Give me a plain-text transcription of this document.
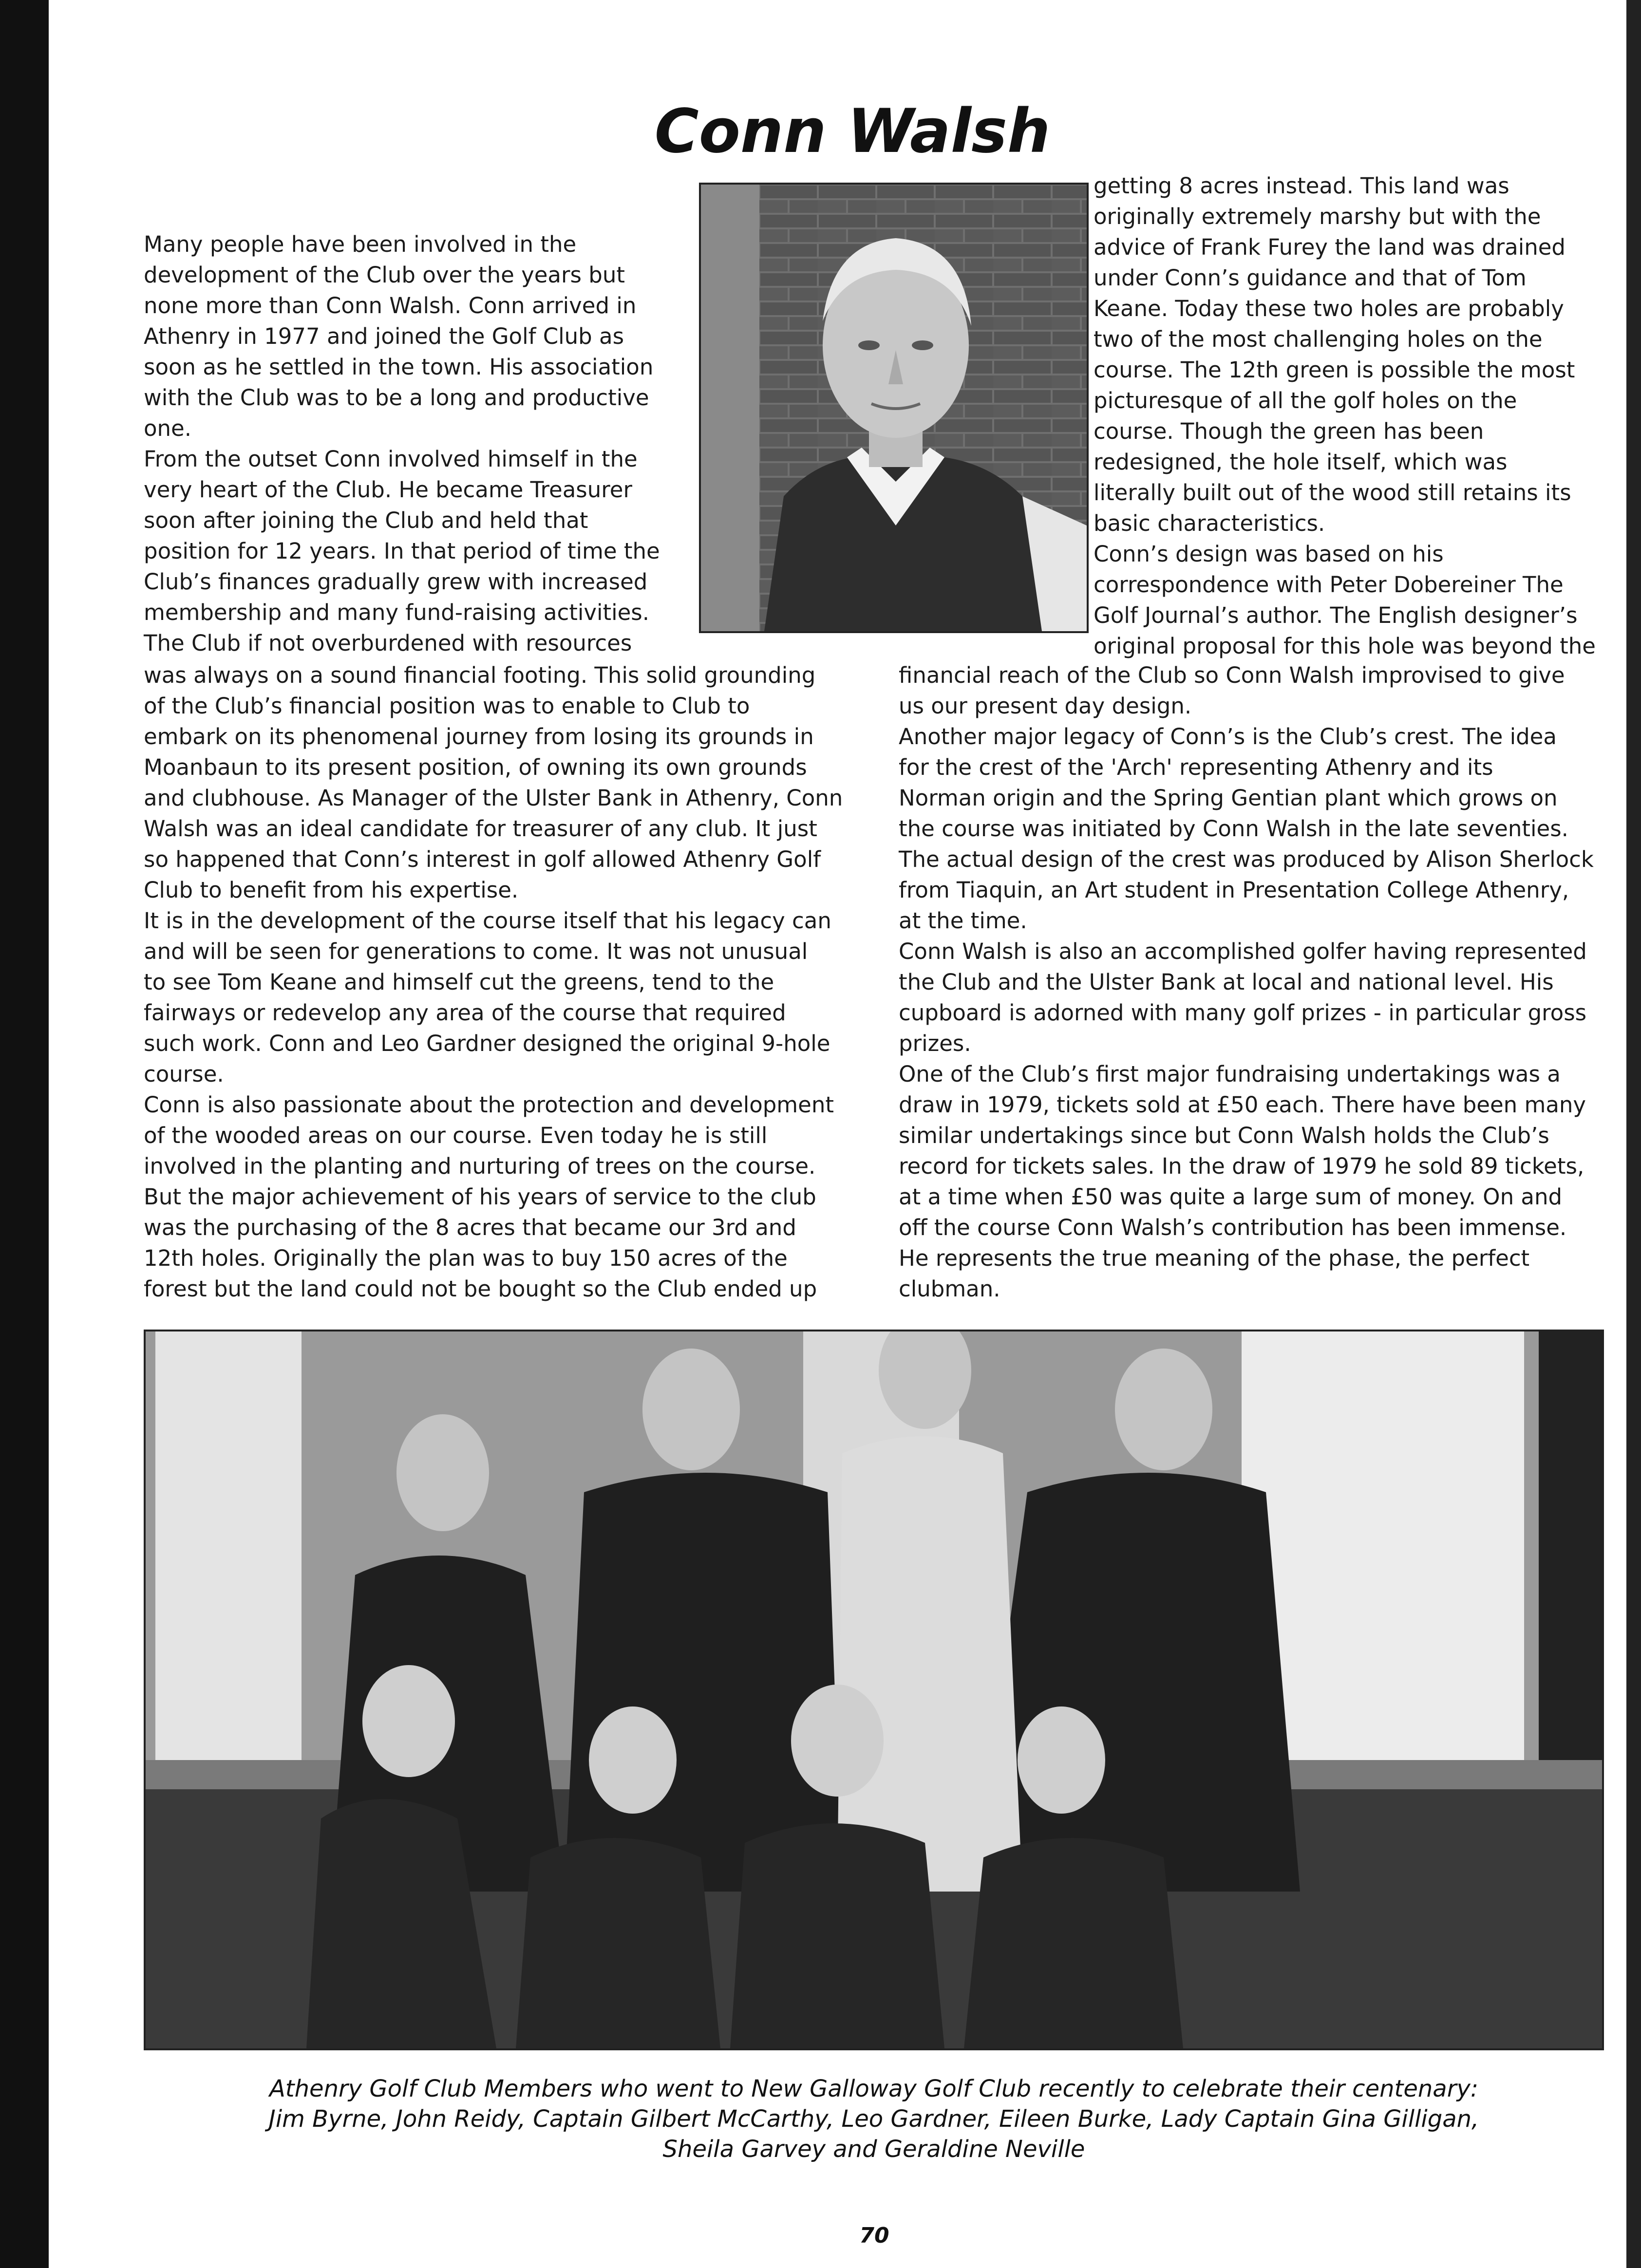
Conn Walsh

Many people have been involved in the
development of the Club over the years but
none more than Conn Walsh. Conn arrived in
Athenry in 1977 and joined the Golf Club as
soon as he settled in the town. His association
with the Club was to be a long and productive
one.
From the outset Conn involved himself in the
very heart of the Club. He became Treasurer
soon after joining the Club and held that
position for 12 years. In that period of time the
Club’s finances gradually grew with increased
membership and many fund-raising activities.
The Club if not overburdened with resources

was always on a sound financial footing. This solid grounding
of the Club’s financial position was to enable to Club to
embark on its phenomenal journey from losing its grounds in
Moanbaun to its present position, of owning its own grounds
and clubhouse. As Manager of the Ulster Bank in Athenry, Conn
Walsh was an ideal candidate for treasurer of any club. It just
so happened that Conn’s interest in golf allowed Athenry Golf
Club to benefit from his expertise.
It is in the development of the course itself that his legacy can
and will be seen for generations to come. It was not unusual
to see Tom Keane and himself cut the greens, tend to the
fairways or redevelop any area of the course that required
such work. Conn and Leo Gardner designed the original 9-hole
course.
Conn is also passionate about the protection and development
of the wooded areas on our course. Even today he is still
involved in the planting and nurturing of trees on the course.
But the major achievement of his years of service to the club
was the purchasing of the 8 acres that became our 3rd and
12th holes. Originally the plan was to buy 150 acres of the
forest but the land could not be bought so the Club ended up

getting 8 acres instead. This land was
originally extremely marshy but with the
advice of Frank Furey the land was drained
under Conn’s guidance and that of Tom
Keane. Today these two holes are probably
two of the most challenging holes on the
course. The 12th green is possible the most
picturesque of all the golf holes on the
course. Though the green has been
redesigned, the hole itself, which was
literally built out of the wood still retains its
basic characteristics.
Conn’s design was based on his
correspondence with Peter Dobereiner The
Golf Journal’s author. The English designer’s
original proposal for this hole was beyond the

financial reach of the Club so Conn Walsh improvised to give
us our present day design.
Another major legacy of Conn’s is the Club’s crest. The idea
for the crest of the 'Arch' representing Athenry and its
Norman origin and the Spring Gentian plant which grows on
the course was initiated by Conn Walsh in the late seventies.
The actual design of the crest was produced by Alison Sherlock
from Tiaquin, an Art student in Presentation College Athenry,
at the time.
Conn Walsh is also an accomplished golfer having represented
the Club and the Ulster Bank at local and national level. His
cupboard is adorned with many golf prizes - in particular gross
prizes.
One of the Club’s first major fundraising undertakings was a
draw in 1979, tickets sold at £50 each. There have been many
similar undertakings since but Conn Walsh holds the Club’s
record for tickets sales. In the draw of 1979 he sold 89 tickets,
at a time when £50 was quite a large sum of money. On and
off the course Conn Walsh’s contribution has been immense.
He represents the true meaning of the phase, the perfect
clubman.

Athenry Golf Club Members who went to New Galloway Golf Club recently to celebrate their centenary:
Jim Byrne, John Reidy, Captain Gilbert McCarthy, Leo Gardner, Eileen Burke, Lady Captain Gina Gilligan,
Sheila Garvey and Geraldine Neville
70
